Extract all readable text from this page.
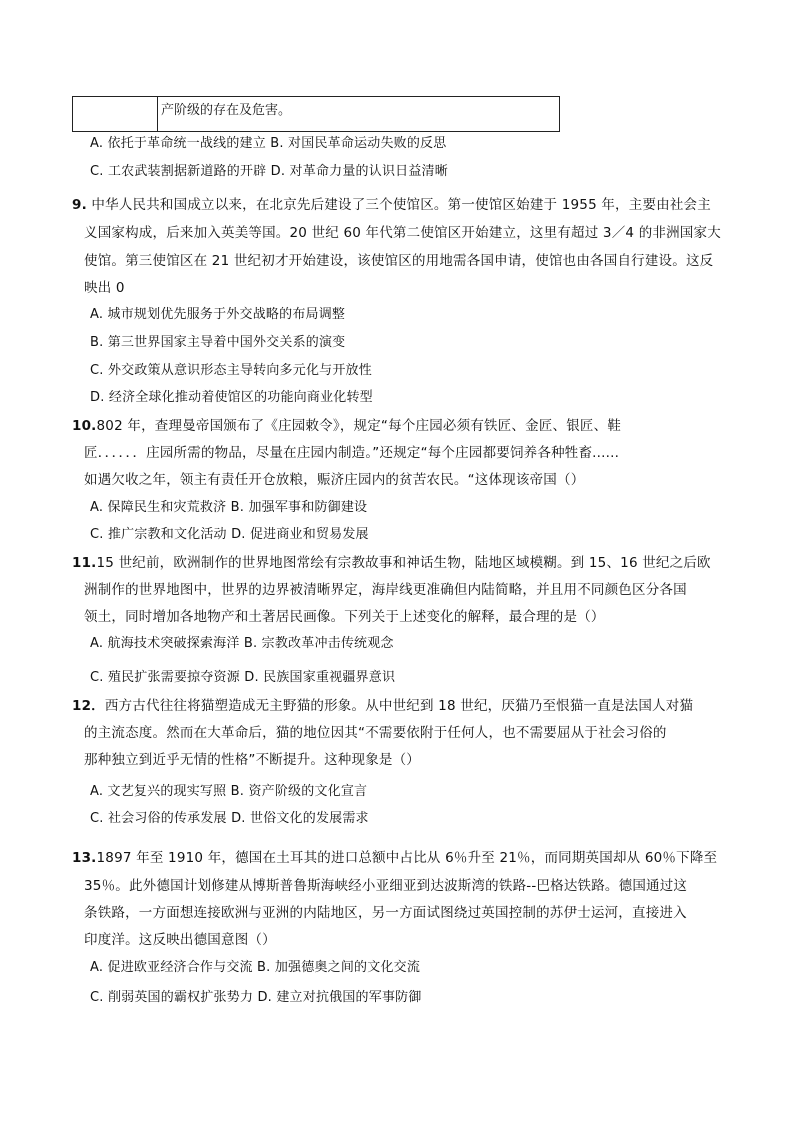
产阶级的存在及危害。
A. 依托于革命统一战线的建立 B. 对国民革命运动失败的反思
C. 工农武装割据新道路的开辟 D. 对革命力量的认识日益清晰
9. 中华人民共和国成立以来，在北京先后建设了三个使馆区。第一使馆区始建于 1955 年，主要由社会主
义国家构成，后来加入英美等国。20 世纪 60 年代第二使馆区开始建立，这里有超过 3／4 的非洲国家大
使馆。第三使馆区在 21 世纪初才开始建设，该使馆区的用地需各国申请，使馆也由各国自行建设。这反
映出 0
A. 城市规划优先服务于外交战略的布局调整
B. 第三世界国家主导着中国外交关系的演变
C. 外交政策从意识形态主导转向多元化与开放性
D. 经济全球化推动着使馆区的功能向商业化转型
10.802 年，查理曼帝国颁布了《庄园敕令》，规定“每个庄园必须有铁匠、金匠、银匠、鞋
匠．．．．．．庄园所需的物品，尽量在庄园内制造。”还规定“每个庄园都要饲养各种牲畜......
如遇欠收之年，领主有责任开仓放粮，赈济庄园内的贫苦农民。“这体现该帝国（）
A. 保障民生和灾荒救济 B. 加强军事和防御建设
C. 推广宗教和文化活动 D. 促进商业和贸易发展
11.15 世纪前，欧洲制作的世界地图常绘有宗教故事和神话生物，陆地区域模糊。到 15、16 世纪之后欧
洲制作的世界地图中，世界的边界被清晰界定，海岸线更准确但内陆简略，并且用不同颜色区分各国
领土，同时增加各地物产和土著居民画像。下列关于上述变化的解释，最合理的是（）
A. 航海技术突破探索海洋 B. 宗教改革冲击传统观念
C. 殖民扩张需要掠夺资源 D. 民族国家重视疆界意识
12．西方古代往往将猫塑造成无主野猫的形象。从中世纪到 18 世纪，厌猫乃至恨猫一直是法国人对猫
的主流态度。然而在大革命后，猫的地位因其“不需要依附于任何人，也不需要屈从于社会习俗的
那种独立到近乎无情的性格”不断提升。这种现象是（）
A. 文艺复兴的现实写照 B. 资产阶级的文化宣言
C. 社会习俗的传承发展 D. 世俗文化的发展需求
13.1897 年至 1910 年，德国在土耳其的进口总额中占比从 6％升至 21％，而同期英国却从 60％下降至
35％。此外德国计划修建从博斯普鲁斯海峡经小亚细亚到达波斯湾的铁路--巴格达铁路。德国通过这
条铁路，一方面想连接欧洲与亚洲的内陆地区，另一方面试图绕过英国控制的苏伊士运河，直接进入
印度洋。这反映出德国意图（）
A. 促进欧亚经济合作与交流 B. 加强德奥之间的文化交流
C. 削弱英国的霸权扩张势力 D. 建立对抗俄国的军事防御
